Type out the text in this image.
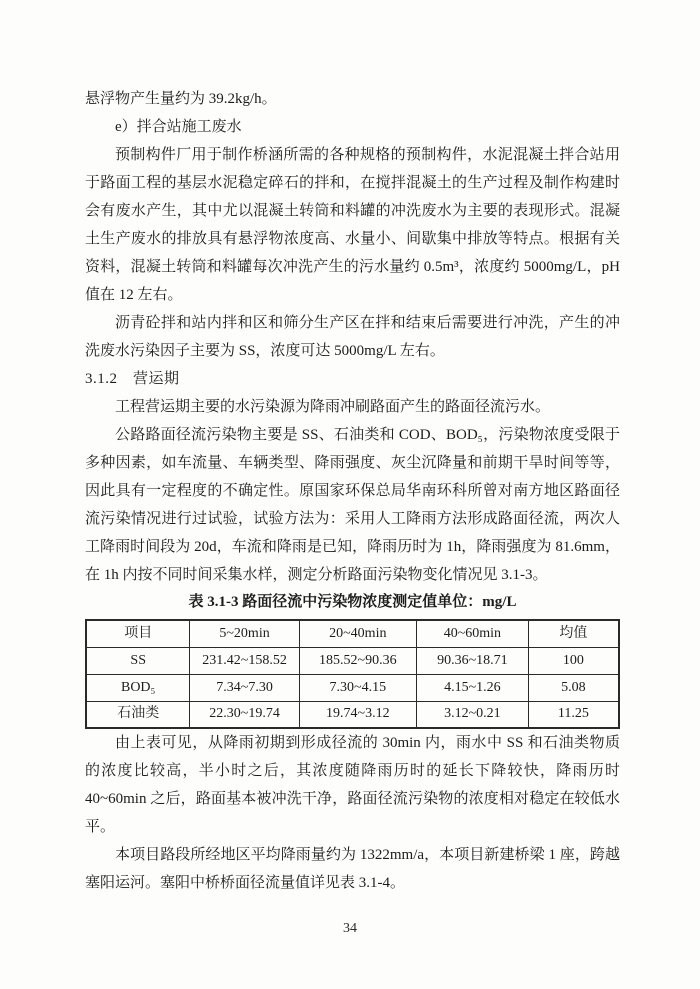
悬浮物产生量约为 39.2kg/h。

e）拌合站施工废水

预制构件厂用于制作桥涵所需的各种规格的预制构件，水泥混凝土拌合站用于路面工程的基层水泥稳定碎石的拌和，在搅拌混凝土的生产过程及制作构建时会有废水产生，其中尤以混凝土转筒和料罐的冲洗废水为主要的表现形式。混凝土生产废水的排放具有悬浮物浓度高、水量小、间歇集中排放等特点。根据有关资料，混凝土转筒和料罐每次冲洗产生的污水量约 0.5m³，浓度约 5000mg/L，pH 值在 12 左右。

沥青砼拌和站内拌和区和筛分生产区在拌和结束后需要进行冲洗，产生的冲洗废水污染因子主要为 SS，浓度可达 5000mg/L 左右。

3.1.2　营运期

工程营运期主要的水污染源为降雨冲刷路面产生的路面径流污水。

公路路面径流污染物主要是 SS、石油类和 COD、BOD₅，污染物浓度受限于多种因素，如车流量、车辆类型、降雨强度、灰尘沉降量和前期干旱时间等等，因此具有一定程度的不确定性。原国家环保总局华南环科所曾对南方地区路面径流污染情况进行过试验，试验方法为：采用人工降雨方法形成路面径流，两次人工降雨时间段为 20d，车流和降雨是已知，降雨历时为 1h，降雨强度为 81.6mm，在 1h 内按不同时间采集水样，测定分析路面污染物变化情况见 3.1-3。

表 3.1-3 路面径流中污染物浓度测定值单位：mg/L

项目	5~20min	20~40min	40~60min	均值
SS	231.42~158.52	185.52~90.36	90.36~18.71	100
BOD₅	7.34~7.30	7.30~4.15	4.15~1.26	5.08
石油类	22.30~19.74	19.74~3.12	3.12~0.21	11.25

由上表可见，从降雨初期到形成径流的 30min 内，雨水中 SS 和石油类物质的浓度比较高，半小时之后，其浓度随降雨历时的延长下降较快，降雨历时 40~60min 之后，路面基本被冲洗干净，路面径流污染物的浓度相对稳定在较低水平。

本项目路段所经地区平均降雨量约为 1322mm/a，本项目新建桥梁 1 座，跨越塞阳运河。塞阳中桥桥面径流量值详见表 3.1-4。

34
